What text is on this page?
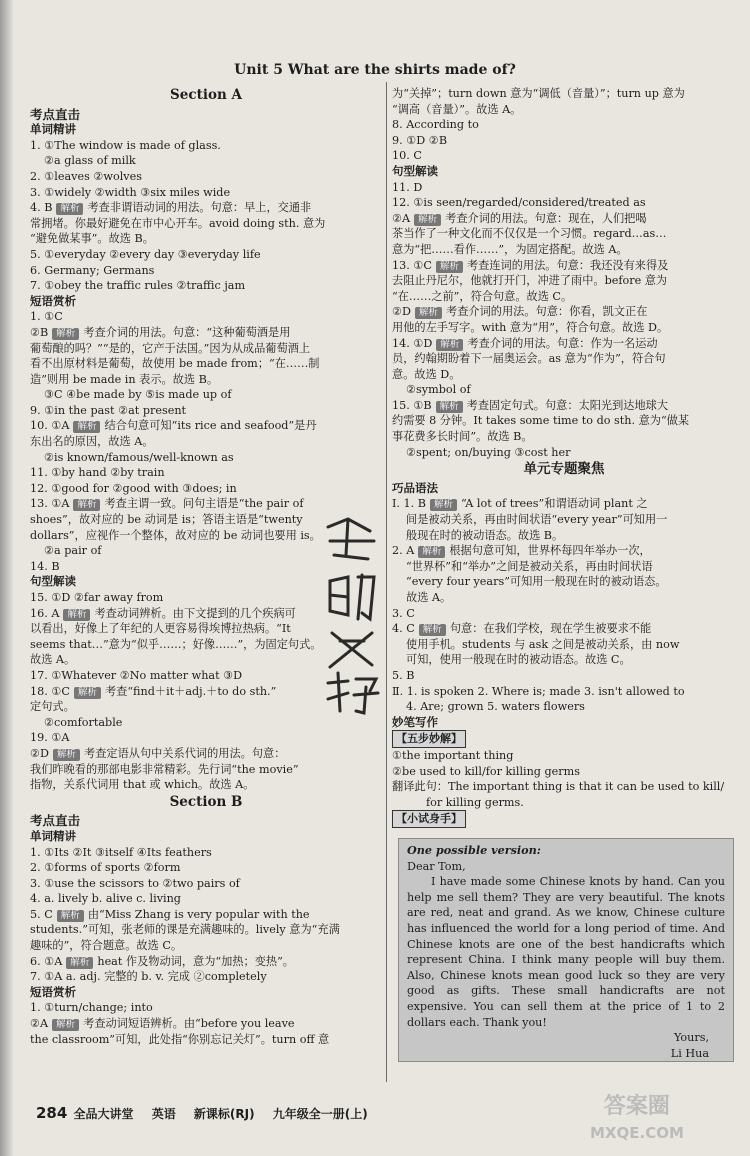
Unit 5 What are the shirts made of?
Section A
考点直击
单词精讲
1. ①The window is made of glass.
②a glass of milk
2. ①leaves ②wolves
3. ①widely ②width ③six miles wide
4. B 解析 考查非谓语动词的用法。句意：早上，交通非
常拥堵。你最好避免在市中心开车。avoid doing sth. 意为
“避免做某事”。故选 B。
5. ①everyday ②every day ③everyday life
6. Germany; Germans
7. ①obey the traffic rules ②traffic jam
短语赏析
1. ①C
②B 解析 考查介词的用法。句意：“这种葡萄酒是用
葡萄酿的吗？”“是的，它产于法国。”因为从成品葡萄酒上
看不出原材料是葡萄，故使用 be made from；“在……制
造”则用 be made in 表示。故选 B。
③C ④be made by ⑤is made up of
9. ①in the past ②at present
10. ①A 解析 结合句意可知“its rice and seafood”是丹
东出名的原因，故选 A。
②is known/famous/well-known as
11. ①by hand ②by train
12. ①good for ②good with ③does; in
13. ①A 解析 考查主谓一致。问句主语是“the pair of
shoes”，故对应的 be 动词是 is；答语主语是“twenty
dollars”，应视作一个整体，故对应的 be 动词也要用 is。
②a pair of
14. B
句型解读
15. ①D ②far away from
16. A 解析 考查动词辨析。由下文提到的几个疾病可
以看出，好像上了年纪的人更容易得埃博拉热病。“It
seems that…”意为“似乎……；好像……”，为固定句式。
故选 A。
17. ①Whatever ②No matter what ③D
18. ①C 解析 考查“find＋it＋adj.＋to do sth.”
定句式。
②comfortable
19. ①A
②D 解析 考查定语从句中关系代词的用法。句意：
我们昨晚看的那部电影非常精彩。先行词“the movie”
指物，关系代词用 that 或 which。故选 A。
Section B
考点直击
单词精讲
1. ①Its ②It ③itself ④Its feathers
2. ①forms of sports ②form
3. ①use the scissors to ②two pairs of
4. a. lively b. alive c. living
5. C 解析 由“Miss Zhang is very popular with the
students.”可知，张老师的课是充满趣味的。lively 意为“充满
趣味的”，符合题意。故选 C。
6. ①A 解析 heat 作及物动词，意为“加热；变热”。
7. ①A a. adj. 完整的 b. v. 完成 ②completely
短语赏析
1. ①turn/change; into
②A 解析 考查动词短语辨析。由“before you leave
the classroom”可知，此处指“你别忘记关灯”。turn off 意
为“关掉”；turn down 意为“调低（音量）”；turn up 意为
“调高（音量）”。故选 A。
8. According to
9. ①D ②B
10. C
句型解读
11. D
12. ①is seen/regarded/considered/treated as
②A 解析 考查介词的用法。句意：现在，人们把喝
茶当作了一种文化而不仅仅是一个习惯。regard…as…
意为“把……看作……”，为固定搭配。故选 A。
13. ①C 解析 考查连词的用法。句意：我还没有来得及
去阻止丹尼尔，他就打开门，冲进了雨中。before 意为
“在……之前”，符合句意。故选 C。
②D 解析 考查介词的用法。句意：你看，凯文正在
用他的左手写字。with 意为“用”，符合句意。故选 D。
14. ①D 解析 考查介词的用法。句意：作为一名运动
员，约翰期盼着下一届奥运会。as 意为“作为”，符合句
意。故选 D。
②symbol of
15. ①B 解析 考查固定句式。句意：太阳光到达地球大
约需要 8 分钟。It takes some time to do sth. 意为“做某
事花费多长时间”。故选 B。
②spent; on/buying ③cost her
单元专题聚焦
巧品语法
Ⅰ. 1. B 解析 “A lot of trees”和谓语动词 plant 之
间是被动关系，再由时间状语“every year”可知用一
般现在时的被动语态。故选 B。
2. A 解析 根据句意可知，世界杯每四年举办一次，
“世界杯”和“举办”之间是被动关系，再由时间状语
“every four years”可知用一般现在时的被动语态。
故选 A。
3. C
4. C 解析 句意：在我们学校，现在学生被要求不能
使用手机。students 与 ask 之间是被动关系，由 now
可知，使用一般现在时的被动语态。故选 C。
5. B
Ⅱ. 1. is spoken 2. Where is; made 3. isn't allowed to
4. Are; grown 5. waters flowers
妙笔写作
【五步妙解】
①the important thing
②be used to kill/for killing germs
翻译此句：The important thing is that it can be used to kill/
for killing germs.
【小试身手】
One possible version:
Dear Tom,
I have made some Chinese knots by hand. Can you help me sell them? They are very beautiful. The knots are red, neat and grand. As we know, Chinese culture has influenced the world for a long period of time. And Chinese knots are one of the best handicrafts which represent China. I think many people will buy them. Also, Chinese knots mean good luck so they are very good as gifts. These small handicrafts are not expensive. You can sell them at the price of 1 to 2 dollars each. Thank you!
Yours,
Li Hua
284 全品大讲堂 英语 新课标(RJ) 九年级全一册(上)	答案圈
MXQE.COM
